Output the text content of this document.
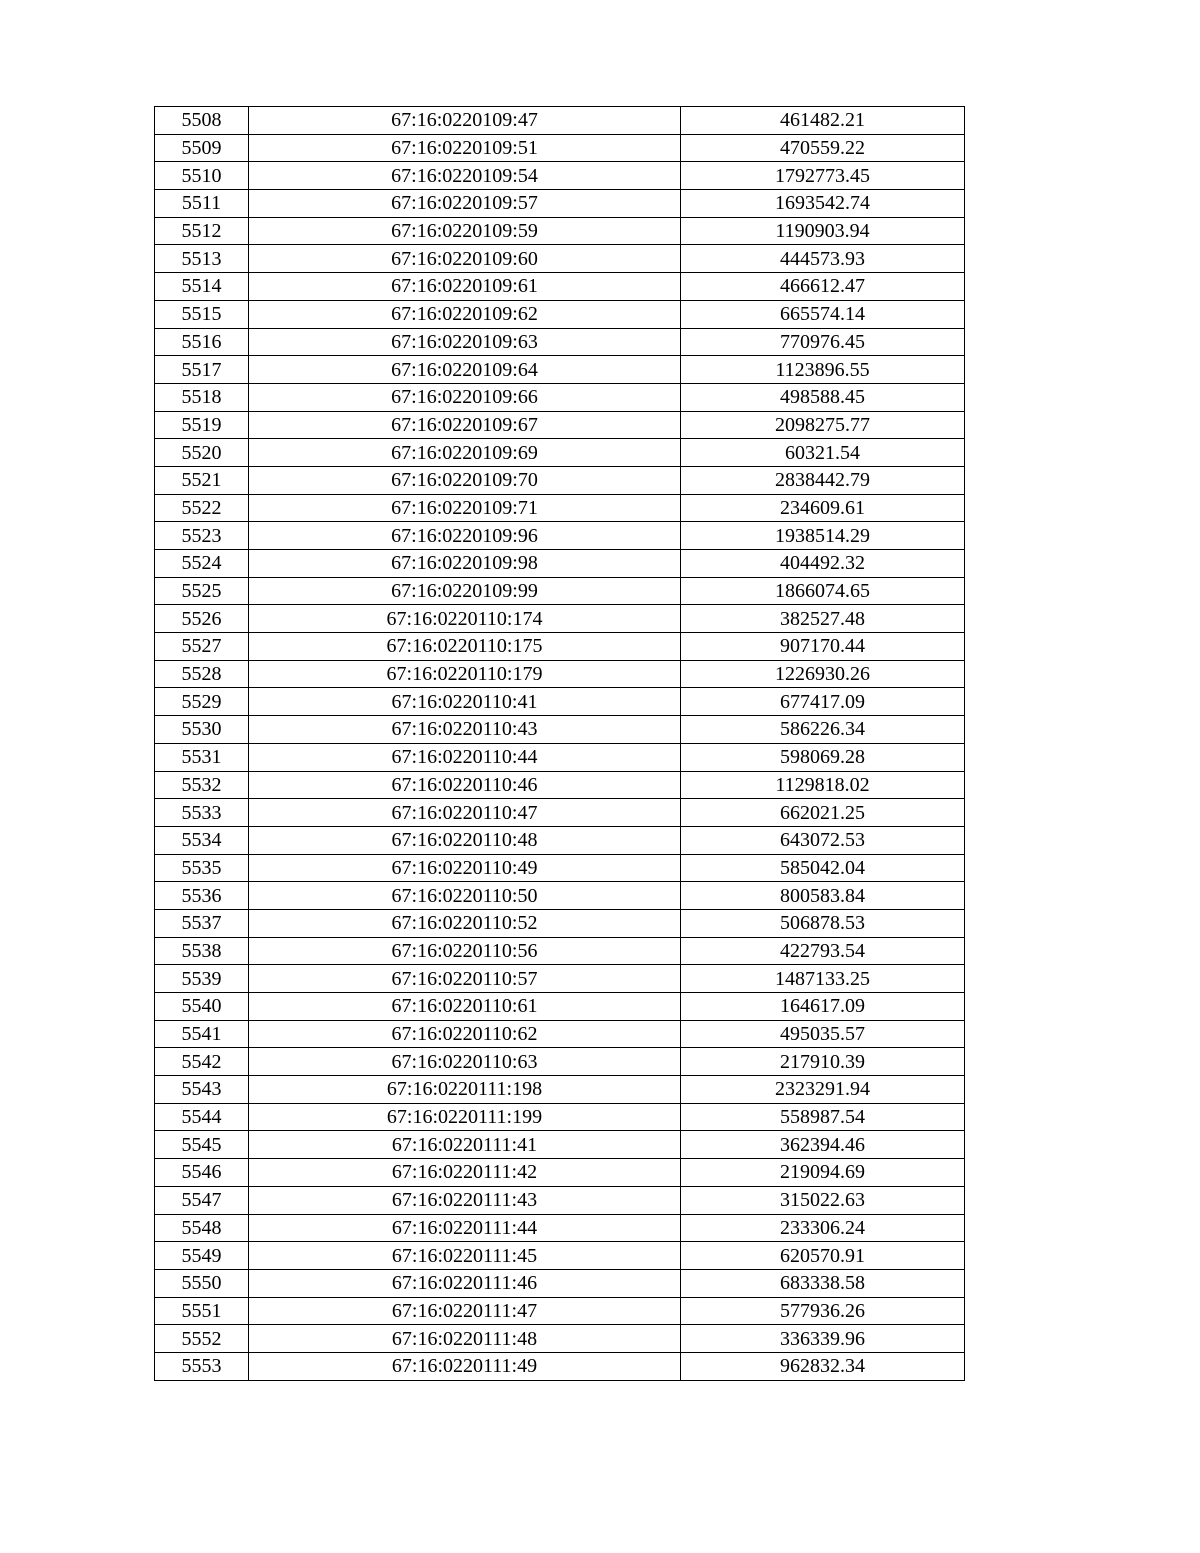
5508	67:16:0220109:47	461482.21
5509	67:16:0220109:51	470559.22
5510	67:16:0220109:54	1792773.45
5511	67:16:0220109:57	1693542.74
5512	67:16:0220109:59	1190903.94
5513	67:16:0220109:60	444573.93
5514	67:16:0220109:61	466612.47
5515	67:16:0220109:62	665574.14
5516	67:16:0220109:63	770976.45
5517	67:16:0220109:64	1123896.55
5518	67:16:0220109:66	498588.45
5519	67:16:0220109:67	2098275.77
5520	67:16:0220109:69	60321.54
5521	67:16:0220109:70	2838442.79
5522	67:16:0220109:71	234609.61
5523	67:16:0220109:96	1938514.29
5524	67:16:0220109:98	404492.32
5525	67:16:0220109:99	1866074.65
5526	67:16:0220110:174	382527.48
5527	67:16:0220110:175	907170.44
5528	67:16:0220110:179	1226930.26
5529	67:16:0220110:41	677417.09
5530	67:16:0220110:43	586226.34
5531	67:16:0220110:44	598069.28
5532	67:16:0220110:46	1129818.02
5533	67:16:0220110:47	662021.25
5534	67:16:0220110:48	643072.53
5535	67:16:0220110:49	585042.04
5536	67:16:0220110:50	800583.84
5537	67:16:0220110:52	506878.53
5538	67:16:0220110:56	422793.54
5539	67:16:0220110:57	1487133.25
5540	67:16:0220110:61	164617.09
5541	67:16:0220110:62	495035.57
5542	67:16:0220110:63	217910.39
5543	67:16:0220111:198	2323291.94
5544	67:16:0220111:199	558987.54
5545	67:16:0220111:41	362394.46
5546	67:16:0220111:42	219094.69
5547	67:16:0220111:43	315022.63
5548	67:16:0220111:44	233306.24
5549	67:16:0220111:45	620570.91
5550	67:16:0220111:46	683338.58
5551	67:16:0220111:47	577936.26
5552	67:16:0220111:48	336339.96
5553	67:16:0220111:49	962832.34
